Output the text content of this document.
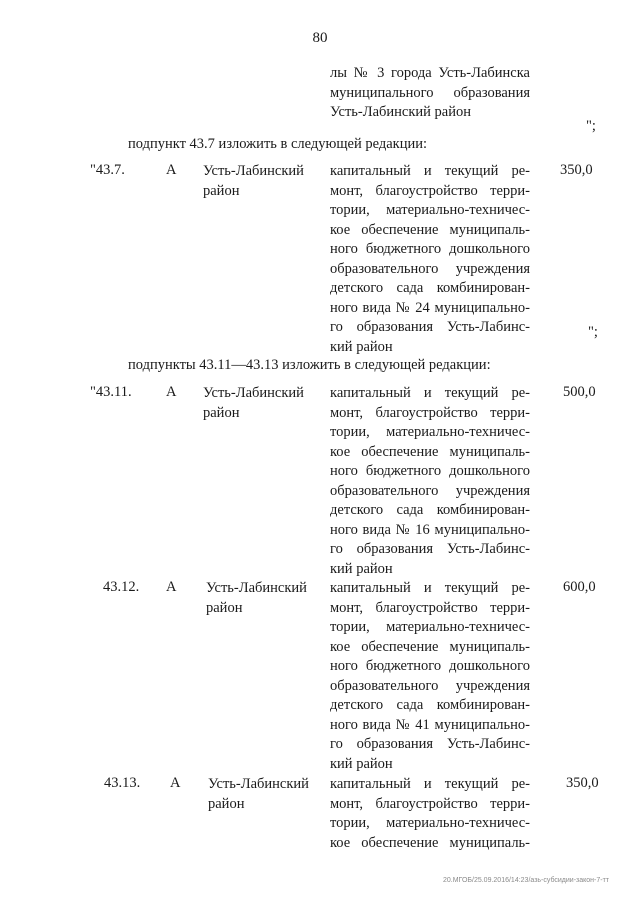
80
лы № 3 города Усть-Лабинска
муниципального образования
Усть-Лабинский район
";
подпункт 43.7 изложить в следующей редакции:
"43.7.	А Усть-Лабинский
район
капитальный и текущий ре-
монт, благоустройство терри-
тории, материально-техничес-
кое обеспечение муниципаль-
ного бюджетного дошкольного
образовательного учреждения
детского сада комбинирован-
ного вида № 24 муниципально-
го образования Усть-Лабинс-
кий район
350,0
";
подпункты 43.11—43.13 изложить в следующей редакции:
"43.11. А Усть-Лабинский
район
капитальный и текущий ре-
монт, благоустройство терри-
тории, материально-техничес-
кое обеспечение муниципаль-
ного бюджетного дошкольного
образовательного учреждения
детского сада комбинирован-
ного вида № 16 муниципально-
го образования Усть-Лабинс-
кий район
500,0
43.12. А Усть-Лабинский
район
капитальный и текущий ре-
монт, благоустройство терри-
тории, материально-техничес-
кое обеспечение муниципаль-
ного бюджетного дошкольного
образовательного учреждения
детского сада комбинирован-
ного вида № 41 муниципально-
го образования Усть-Лабинс-
кий район
600,0
43.13. А Усть-Лабинский
район
капитальный и текущий ре-
монт, благоустройство терри-
тории, материально-техничес-
кое обеспечение муниципаль-
350,0
20.МГОБ/25.09.2016/14:23/азь-субсидии-закон-7-тт
